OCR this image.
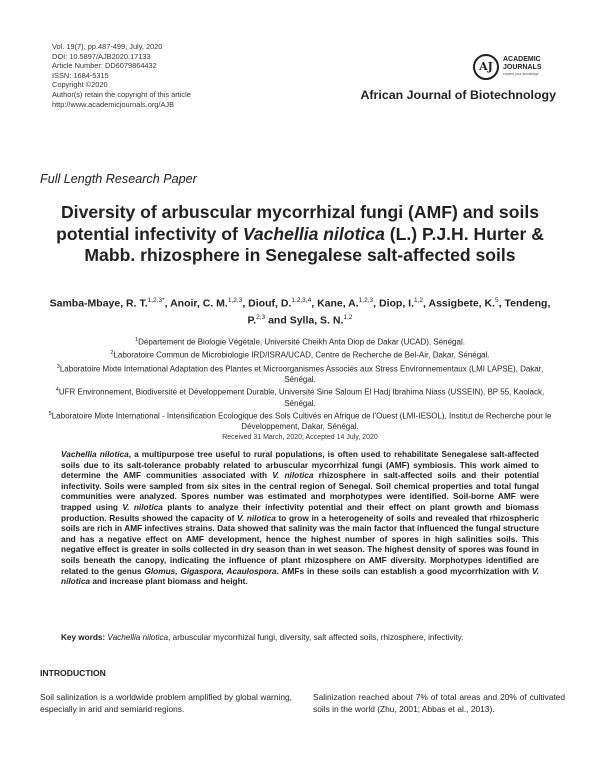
Vol. 19(7), pp.487-499, July, 2020
DOI: 10.5897/AJB2020.17133
Article Number: DD6079864432
ISSN: 1684-5315
Copyright ©2020
Author(s) retain the copyright of this article
http://www.academicjournals.org/AJB
AJ
ACADEMIC
JOURNALS
expand your knowledge
African Journal of Biotechnology
Full Length Research Paper
Diversity of arbuscular mycorrhizal fungi (AMF) and soils potential infectivity of Vachellia nilotica (L.) P.J.H. Hurter & Mabb. rhizosphere in Senegalese salt-affected soils
Samba-Mbaye, R. T.$^{1,2,3*}$, Anoir, C. M.$^{1,2,3}$, Diouf, D.$^{1,2,3,4}$, Kane, A.$^{1,2,3}$, Diop, I.$^{1,2}$, Assigbete, K.$^5$, Tendeng, P.$^{2,3}$ and Sylla, S. N.$^{1,2}$
$^1$Département de Biologie Végétale, Université Cheikh Anta Diop de Dakar (UCAD), Sénégal.
$^2$Laboratoire Commun de Microbiologie IRD/ISRA/UCAD, Centre de Recherche de Bel-Air, Dakar, Sénégal.
$^3$Laboratoire Mixte International Adaptation des Plantes et Microorganismes Associés aux Stress Environnementaux (LMI LAPSE), Dakar, Sénégal.
$^4$UFR Environnement, Biodiversité et Développement Durable, Université Sine Saloum El Hadj Ibrahima Niass (USSEIN), BP 55, Kaolack, Sénégal.
$^5$Laboratoire Mixte International - Intensification Ecologique des Sols Cultivés en Afrique de l'Ouest (LMI-IESOL), Institut de Recherche pour le Développement, Dakar, Sénégal.
Received 31 March, 2020; Accepted 14 July, 2020
Vachellia nilotica, a multipurpose tree useful to rural populations, is often used to rehabilitate Senegalese salt-affected soils due to its salt-tolerance probably related to arbuscular mycorrhizal fungi (AMF) symbiosis. This work aimed to determine the AMF communities associated with V. nilotica rhizosphere in salt-affected soils and their potential infectivity. Soils were sampled from six sites in the central region of Senegal. Soil chemical properties and total fungal communities were analyzed. Spores number was estimated and morphotypes were identified. Soil-borne AMF were trapped using V. nilotica plants to analyze their infectivity potential and their effect on plant growth and biomass production. Results showed the capacity of V. nilotica to grow in a heterogeneity of soils and revealed that rhizospheric soils are rich in AMF infectives strains. Data showed that salinity was the main factor that influenced the fungal structure and has a negative effect on AMF development, hence the highest number of spores in high salinities soils. This negative effect is greater in soils collected in dry season than in wet season. The highest density of spores was found in soils beneath the canopy, indicating the influence of plant rhizosphere on AMF diversity. Morphotypes identified are related to the genus Glomus, Gigaspora, Acaulospora. AMFs in these soils can establish a good mycorrhization with V. nilotica and increase plant biomass and height.
Key words: Vachellia nilotica, arbuscular mycorrhizal fungi, diversity, salt affected soils, rhizosphere, infectivity.
INTRODUCTION
Soil salinization is a worldwide problem amplified by global warning, especially in arid and semiarid regions.
Salinization reached about 7% of total areas and 20% of cultivated soils in the world (Zhu, 2001; Abbas et al., 2013).
